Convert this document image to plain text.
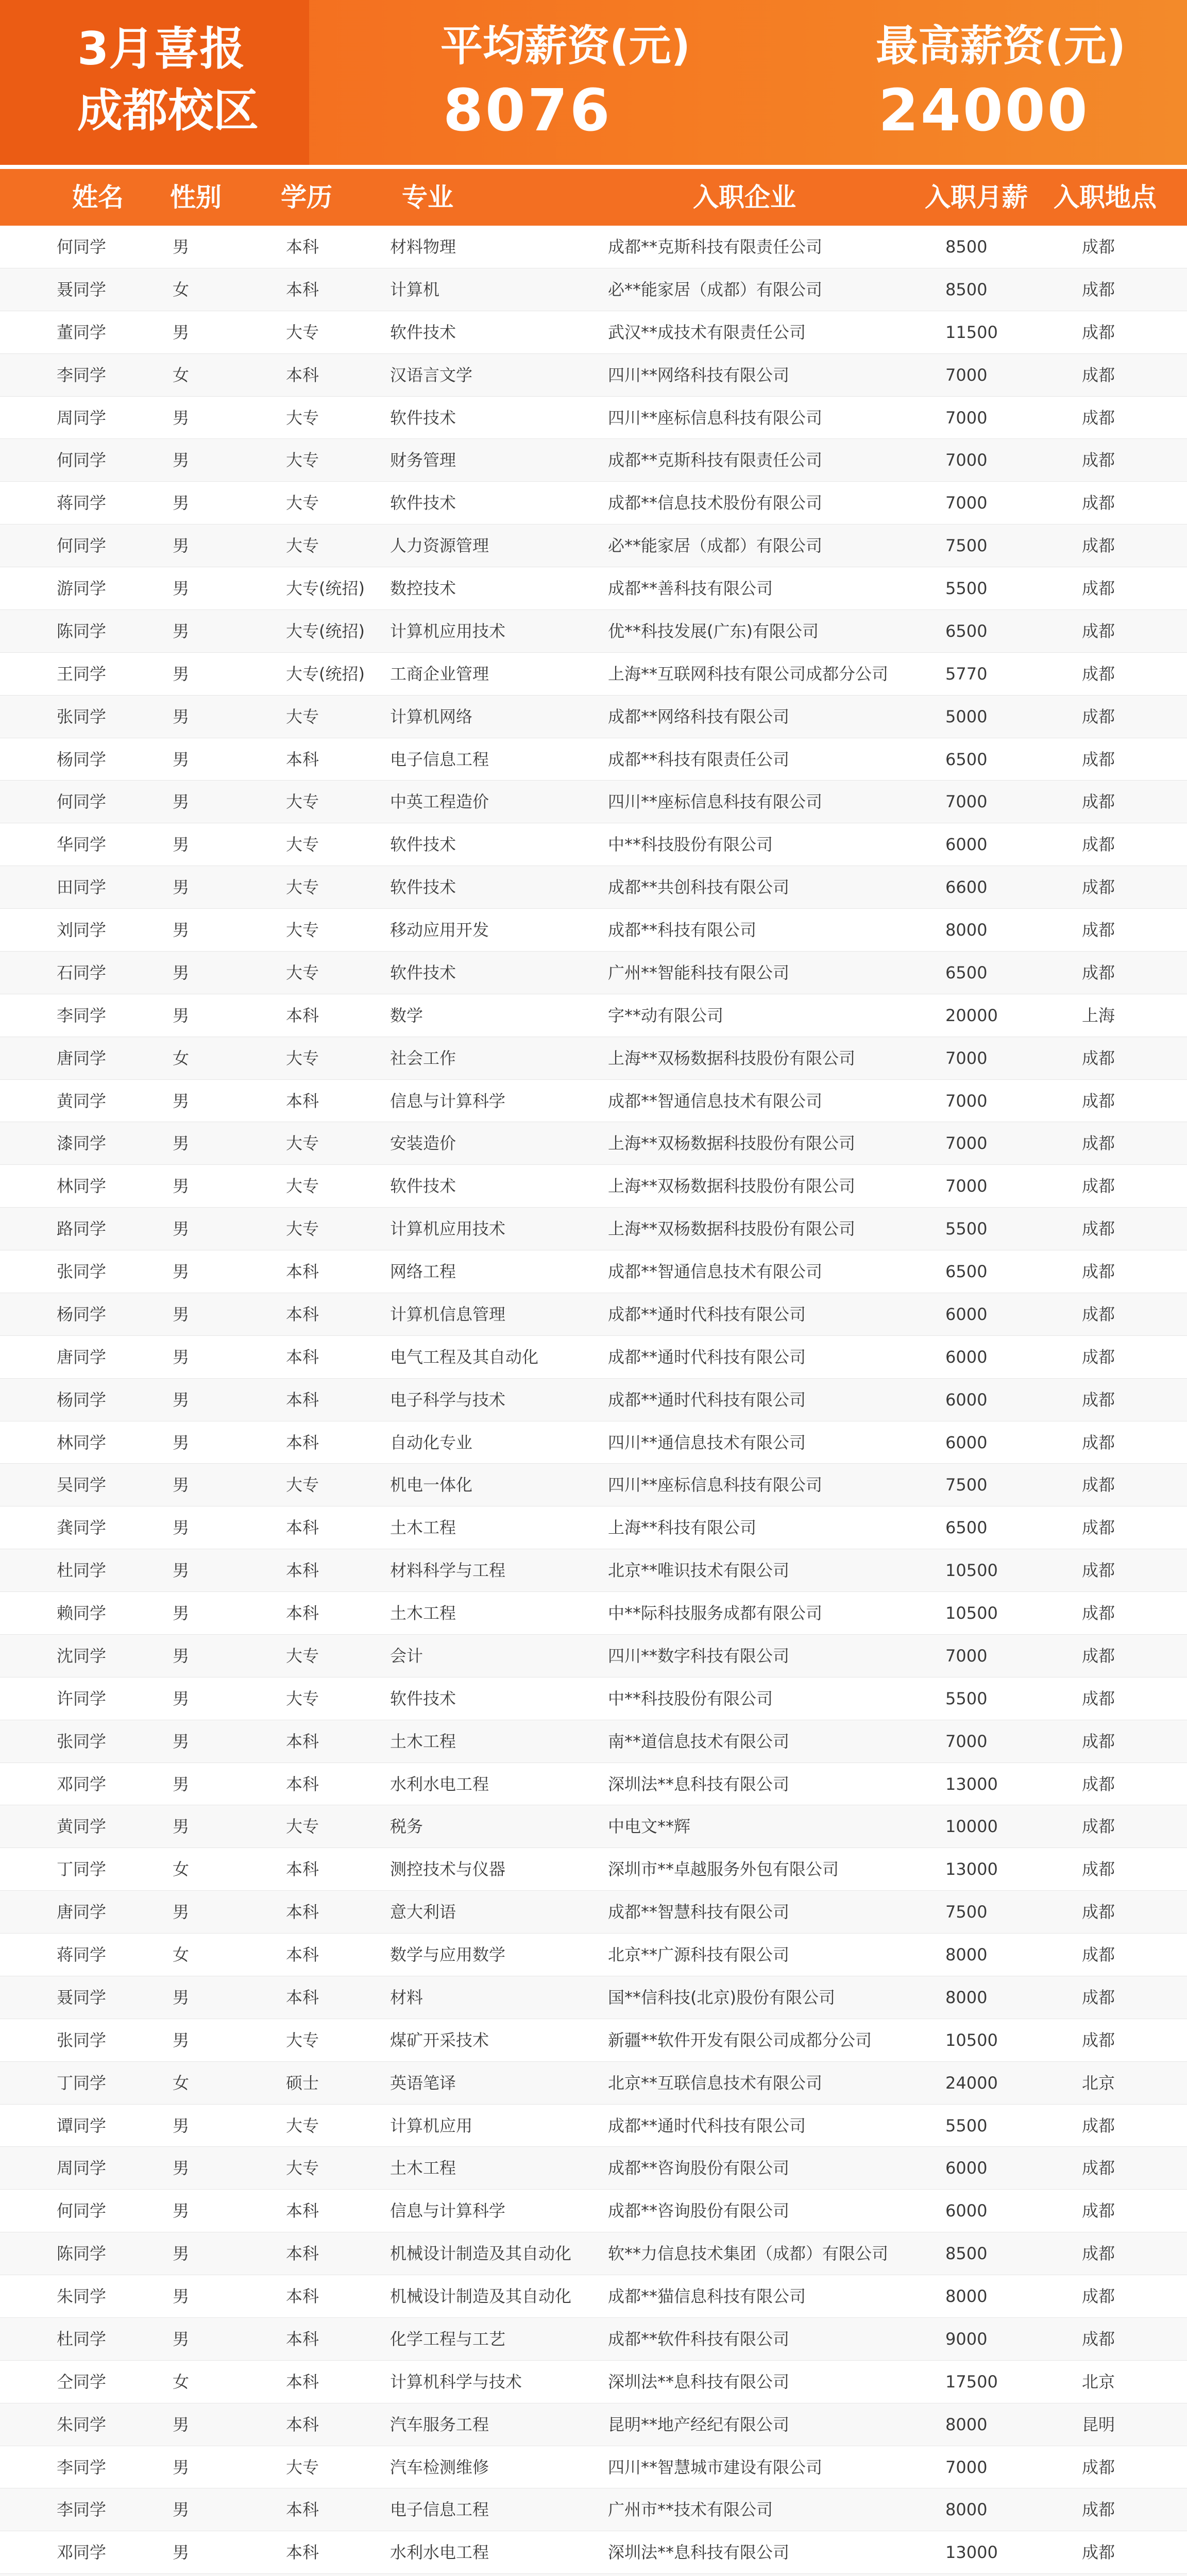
3月喜报
成都校区
平均薪资(元)
8076
最高薪资(元)
24000
姓名 性别 学历	专业	入职企业	入职月薪 入职地点
何同学	男	本科	材料物理	成都**克斯科技有限责任公司	8500	成都
聂同学	女	本科	计算机	必**能家居（成都）有限公司	8500	成都
董同学	男	大专	软件技术	武汉**成技术有限责任公司	11500	成都
李同学	女	本科	汉语言文学	四川**网络科技有限公司	7000	成都
周同学	男	大专	软件技术	四川**座标信息科技有限公司	7000	成都
何同学	男	大专	财务管理	成都**克斯科技有限责任公司	7000	成都
蒋同学	男	大专	软件技术	成都**信息技术股份有限公司	7000	成都
何同学	男	大专	人力资源管理	必**能家居（成都）有限公司	7500	成都
游同学	男	大专(统招)	数控技术	成都**善科技有限公司	5500	成都
陈同学	男	大专(统招)	计算机应用技术	优**科技发展(广东)有限公司	6500	成都
王同学	男	大专(统招)	工商企业管理	上海**互联网科技有限公司成都分公司	5770	成都
张同学	男	大专	计算机网络	成都**网络科技有限公司	5000	成都
杨同学	男	本科	电子信息工程	成都**科技有限责任公司	6500	成都
何同学	男	大专	中英工程造价	四川**座标信息科技有限公司	7000	成都
华同学	男	大专	软件技术	中**科技股份有限公司	6000	成都
田同学	男	大专	软件技术	成都**共创科技有限公司	6600	成都
刘同学	男	大专	移动应用开发	成都**科技有限公司	8000	成都
石同学	男	大专	软件技术	广州**智能科技有限公司	6500	成都
李同学	男	本科	数学	字**动有限公司	20000	上海
唐同学	女	大专	社会工作	上海**双杨数据科技股份有限公司	7000	成都
黄同学	男	本科	信息与计算科学	成都**智通信息技术有限公司	7000	成都
漆同学	男	大专	安装造价	上海**双杨数据科技股份有限公司	7000	成都
林同学	男	大专	软件技术	上海**双杨数据科技股份有限公司	7000	成都
路同学	男	大专	计算机应用技术	上海**双杨数据科技股份有限公司	5500	成都
张同学	男	本科	网络工程	成都**智通信息技术有限公司	6500	成都
杨同学	男	本科	计算机信息管理	成都**通时代科技有限公司	6000	成都
唐同学	男	本科	电气工程及其自动化	成都**通时代科技有限公司	6000	成都
杨同学	男	本科	电子科学与技术	成都**通时代科技有限公司	6000	成都
林同学	男	本科	自动化专业	四川**通信息技术有限公司	6000	成都
吴同学	男	大专	机电一体化	四川**座标信息科技有限公司	7500	成都
龚同学	男	本科	土木工程	上海**科技有限公司	6500	成都
杜同学	男	本科	材料科学与工程	北京**唯识技术有限公司	10500	成都
赖同学	男	本科	土木工程	中**际科技服务成都有限公司	10500	成都
沈同学	男	大专	会计	四川**数字科技有限公司	7000	成都
许同学	男	大专	软件技术	中**科技股份有限公司	5500	成都
张同学	男	本科	土木工程	南**道信息技术有限公司	7000	成都
邓同学	男	本科	水利水电工程	深圳法**息科技有限公司	13000	成都
黄同学	男	大专	税务	中电文**辉	10000	成都
丁同学	女	本科	测控技术与仪器	深圳市**卓越服务外包有限公司	13000	成都
唐同学	男	本科	意大利语	成都**智慧科技有限公司	7500	成都
蒋同学	女	本科	数学与应用数学	北京**广源科技有限公司	8000	成都
聂同学	男	本科	材料	国**信科技(北京)股份有限公司	8000	成都
张同学	男	大专	煤矿开采技术	新疆**软件开发有限公司成都分公司	10500	成都
丁同学	女	硕士	英语笔译	北京**互联信息技术有限公司	24000	北京
谭同学	男	大专	计算机应用	成都**通时代科技有限公司	5500	成都
周同学	男	大专	土木工程	成都**咨询股份有限公司	6000	成都
何同学	男	本科	信息与计算科学	成都**咨询股份有限公司	6000	成都
陈同学	男	本科	机械设计制造及其自动化	软**力信息技术集团（成都）有限公司	8500	成都
朱同学	男	本科	机械设计制造及其自动化	成都**猫信息科技有限公司	8000	成都
杜同学	男	本科	化学工程与工艺	成都**软件科技有限公司	9000	成都
仝同学	女	本科	计算机科学与技术	深圳法**息科技有限公司	17500	北京
朱同学	男	本科	汽车服务工程	昆明**地产经纪有限公司	8000	昆明
李同学	男	大专	汽车检测维修	四川**智慧城市建设有限公司	7000	成都
李同学	男	本科	电子信息工程	广州市**技术有限公司	8000	成都
邓同学	男	本科	水利水电工程	深圳法**息科技有限公司	13000	成都
